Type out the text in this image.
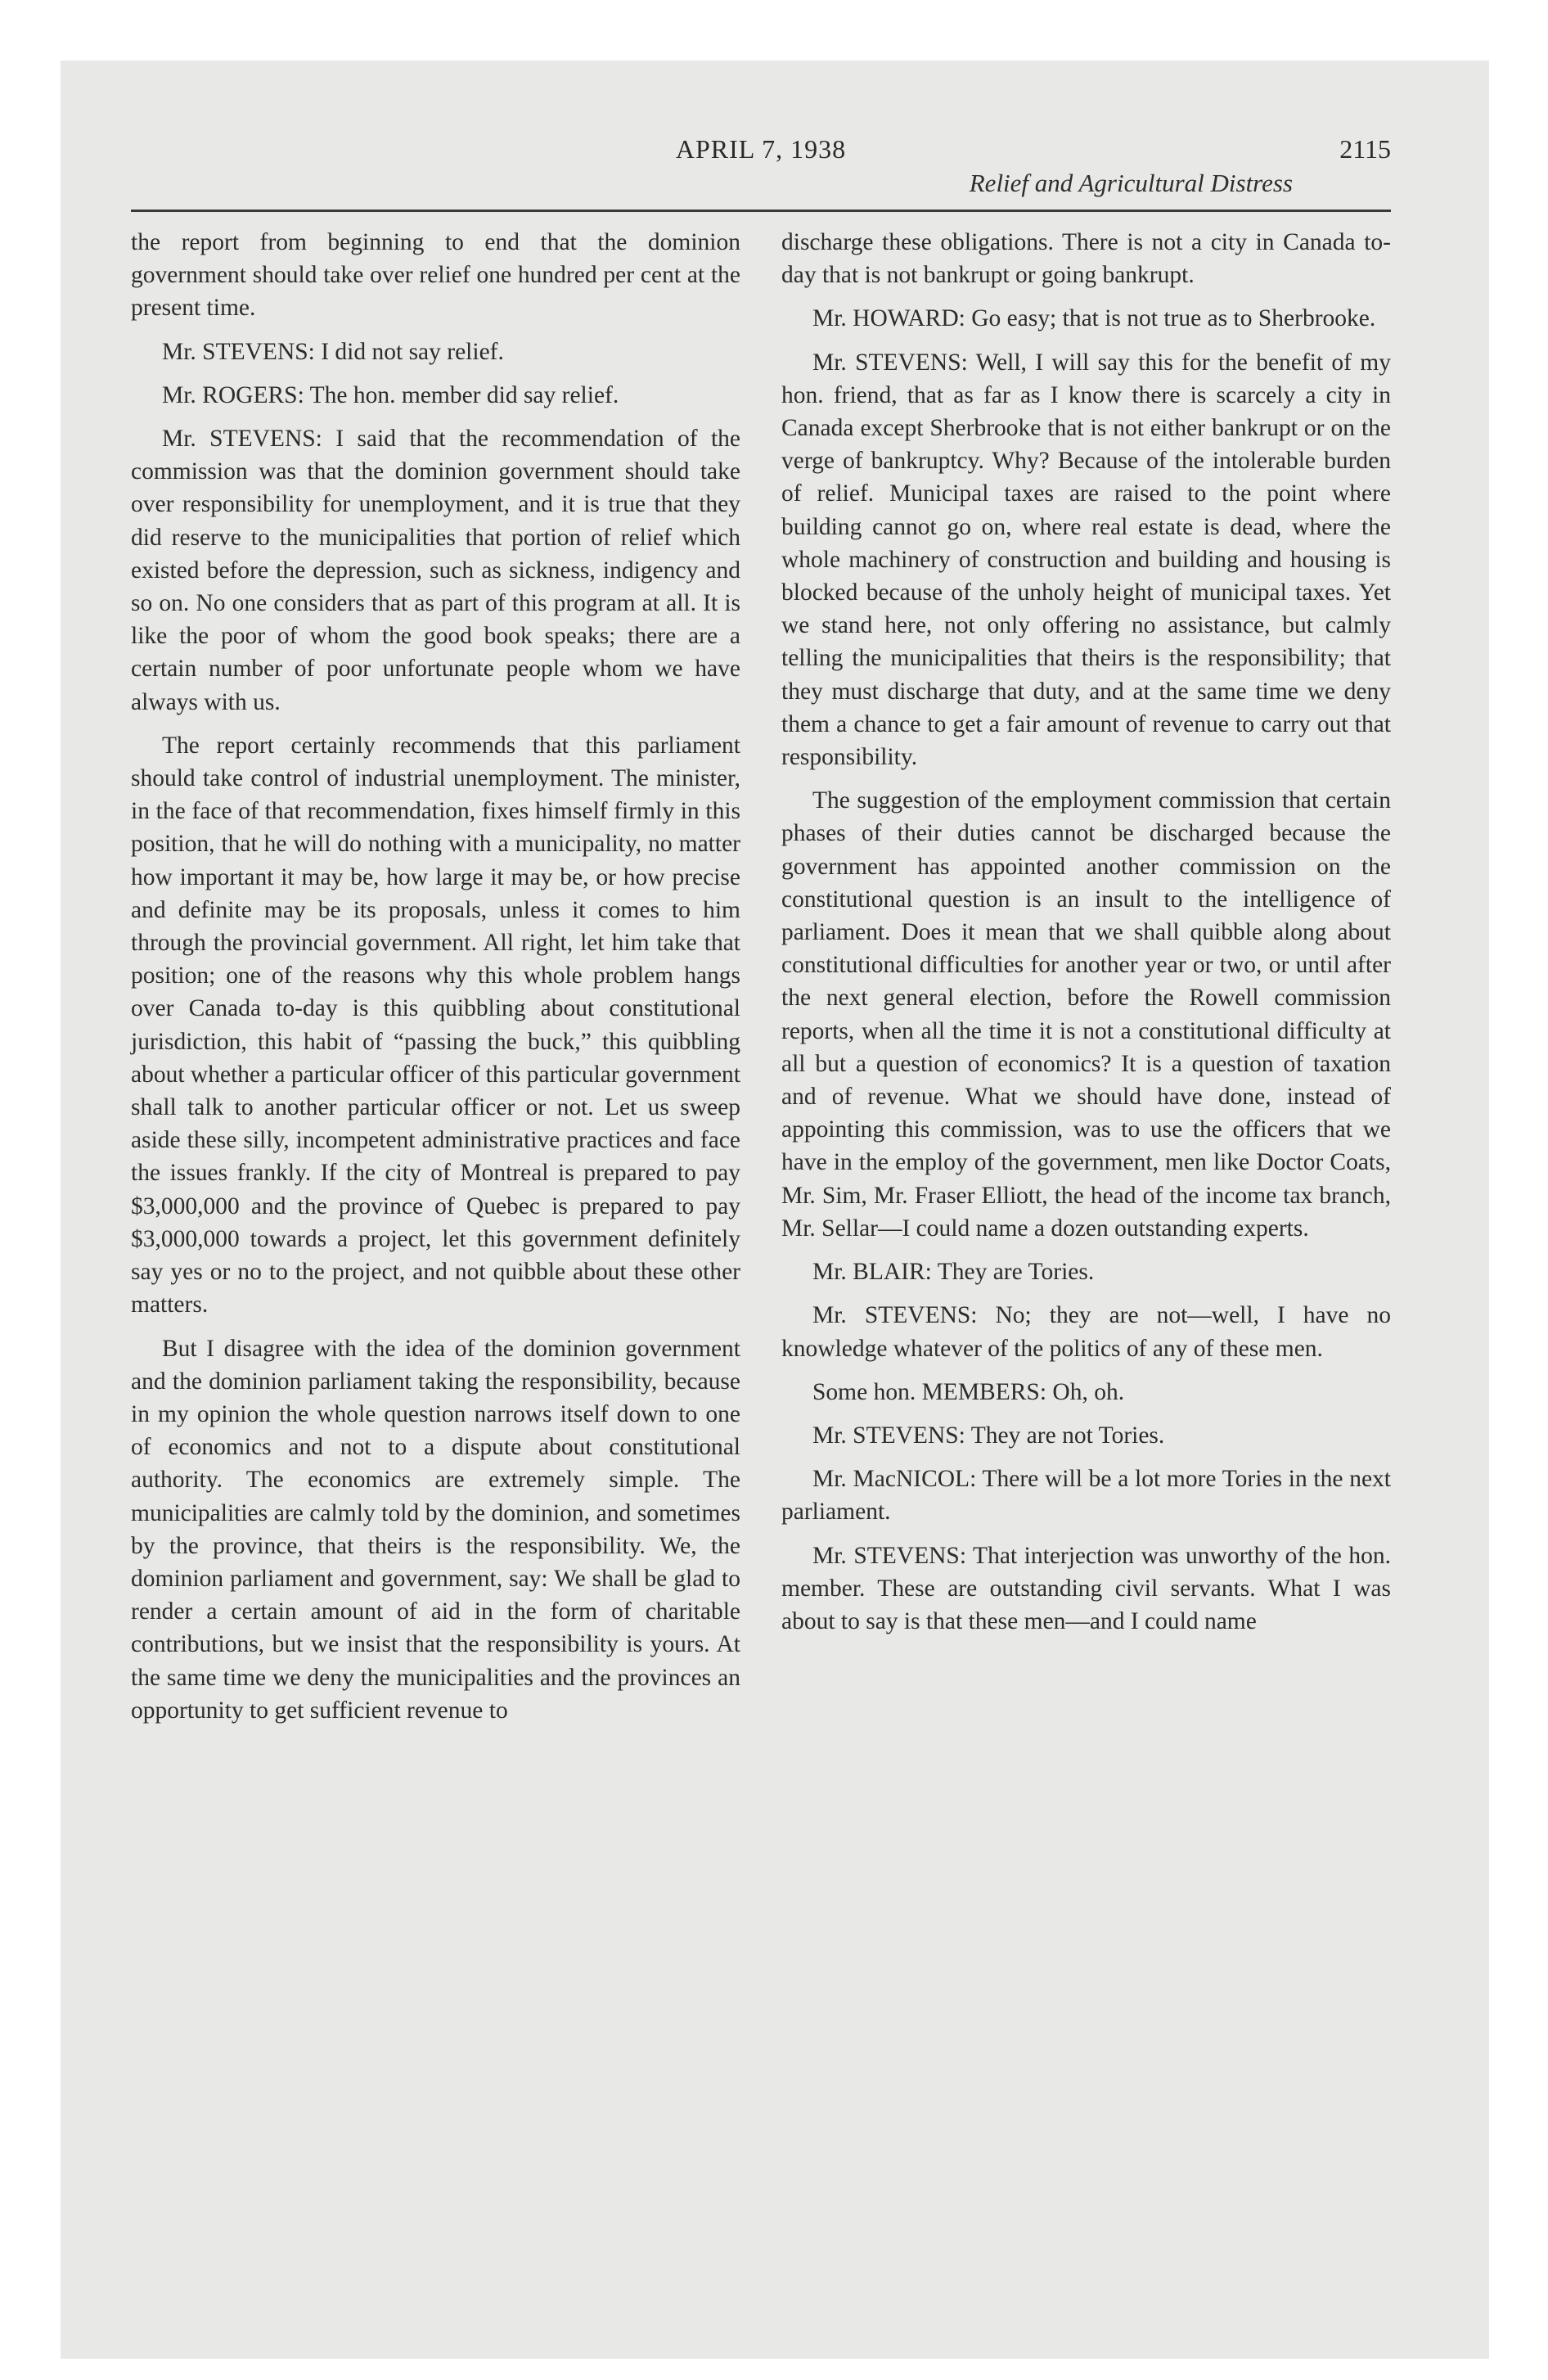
APRIL 7, 1938	2115
Relief and Agricultural Distress

the report from beginning to end that the dominion government should take over relief one hundred per cent at the present time.

Mr. STEVENS: I did not say relief.

Mr. ROGERS: The hon. member did say relief.

Mr. STEVENS: I said that the recommendation of the commission was that the dominion government should take over responsibility for unemployment, and it is true that they did reserve to the municipalities that portion of relief which existed before the depression, such as sickness, indigency and so on. No one considers that as part of this program at all. It is like the poor of whom the good book speaks; there are a certain number of poor unfortunate people whom we have always with us.

The report certainly recommends that this parliament should take control of industrial unemployment. The minister, in the face of that recommendation, fixes himself firmly in this position, that he will do nothing with a municipality, no matter how important it may be, how large it may be, or how precise and definite may be its proposals, unless it comes to him through the provincial government. All right, let him take that position; one of the reasons why this whole problem hangs over Canada to-day is this quibbling about constitutional jurisdiction, this habit of “passing the buck,” this quibbling about whether a particular officer of this particular government shall talk to another particular officer or not. Let us sweep aside these silly, incompetent administrative practices and face the issues frankly. If the city of Montreal is prepared to pay $3,000,000 and the province of Quebec is prepared to pay $3,000,000 towards a project, let this government definitely say yes or no to the project, and not quibble about these other matters.

But I disagree with the idea of the dominion government and the dominion parliament taking the responsibility, because in my opinion the whole question narrows itself down to one of economics and not to a dispute about constitutional authority. The economics are extremely simple. The municipalities are calmly told by the dominion, and sometimes by the province, that theirs is the responsibility. We, the dominion parliament and government, say: We shall be glad to render a certain amount of aid in the form of charitable contributions, but we insist that the responsibility is yours. At the same time we deny the municipalities and the provinces an opportunity to get sufficient revenue to

discharge these obligations. There is not a city in Canada to-day that is not bankrupt or going bankrupt.

Mr. HOWARD: Go easy; that is not true as to Sherbrooke.

Mr. STEVENS: Well, I will say this for the benefit of my hon. friend, that as far as I know there is scarcely a city in Canada except Sherbrooke that is not either bankrupt or on the verge of bankruptcy. Why? Because of the intolerable burden of relief. Municipal taxes are raised to the point where building cannot go on, where real estate is dead, where the whole machinery of construction and building and housing is blocked because of the unholy height of municipal taxes. Yet we stand here, not only offering no assistance, but calmly telling the municipalities that theirs is the responsibility; that they must discharge that duty, and at the same time we deny them a chance to get a fair amount of revenue to carry out that responsibility.

The suggestion of the employment commission that certain phases of their duties cannot be discharged because the government has appointed another commission on the constitutional question is an insult to the intelligence of parliament. Does it mean that we shall quibble along about constitutional difficulties for another year or two, or until after the next general election, before the Rowell commission reports, when all the time it is not a constitutional difficulty at all but a question of economics? It is a question of taxation and of revenue. What we should have done, instead of appointing this commission, was to use the officers that we have in the employ of the government, men like Doctor Coats, Mr. Sim, Mr. Fraser Elliott, the head of the income tax branch, Mr. Sellar—I could name a dozen outstanding experts.

Mr. BLAIR: They are Tories.

Mr. STEVENS: No; they are not—well, I have no knowledge whatever of the politics of any of these men.

Some hon. MEMBERS: Oh, oh.

Mr. STEVENS: They are not Tories.

Mr. MacNICOL: There will be a lot more Tories in the next parliament.

Mr. STEVENS: That interjection was unworthy of the hon. member. These are outstanding civil servants. What I was about to say is that these men—and I could name
